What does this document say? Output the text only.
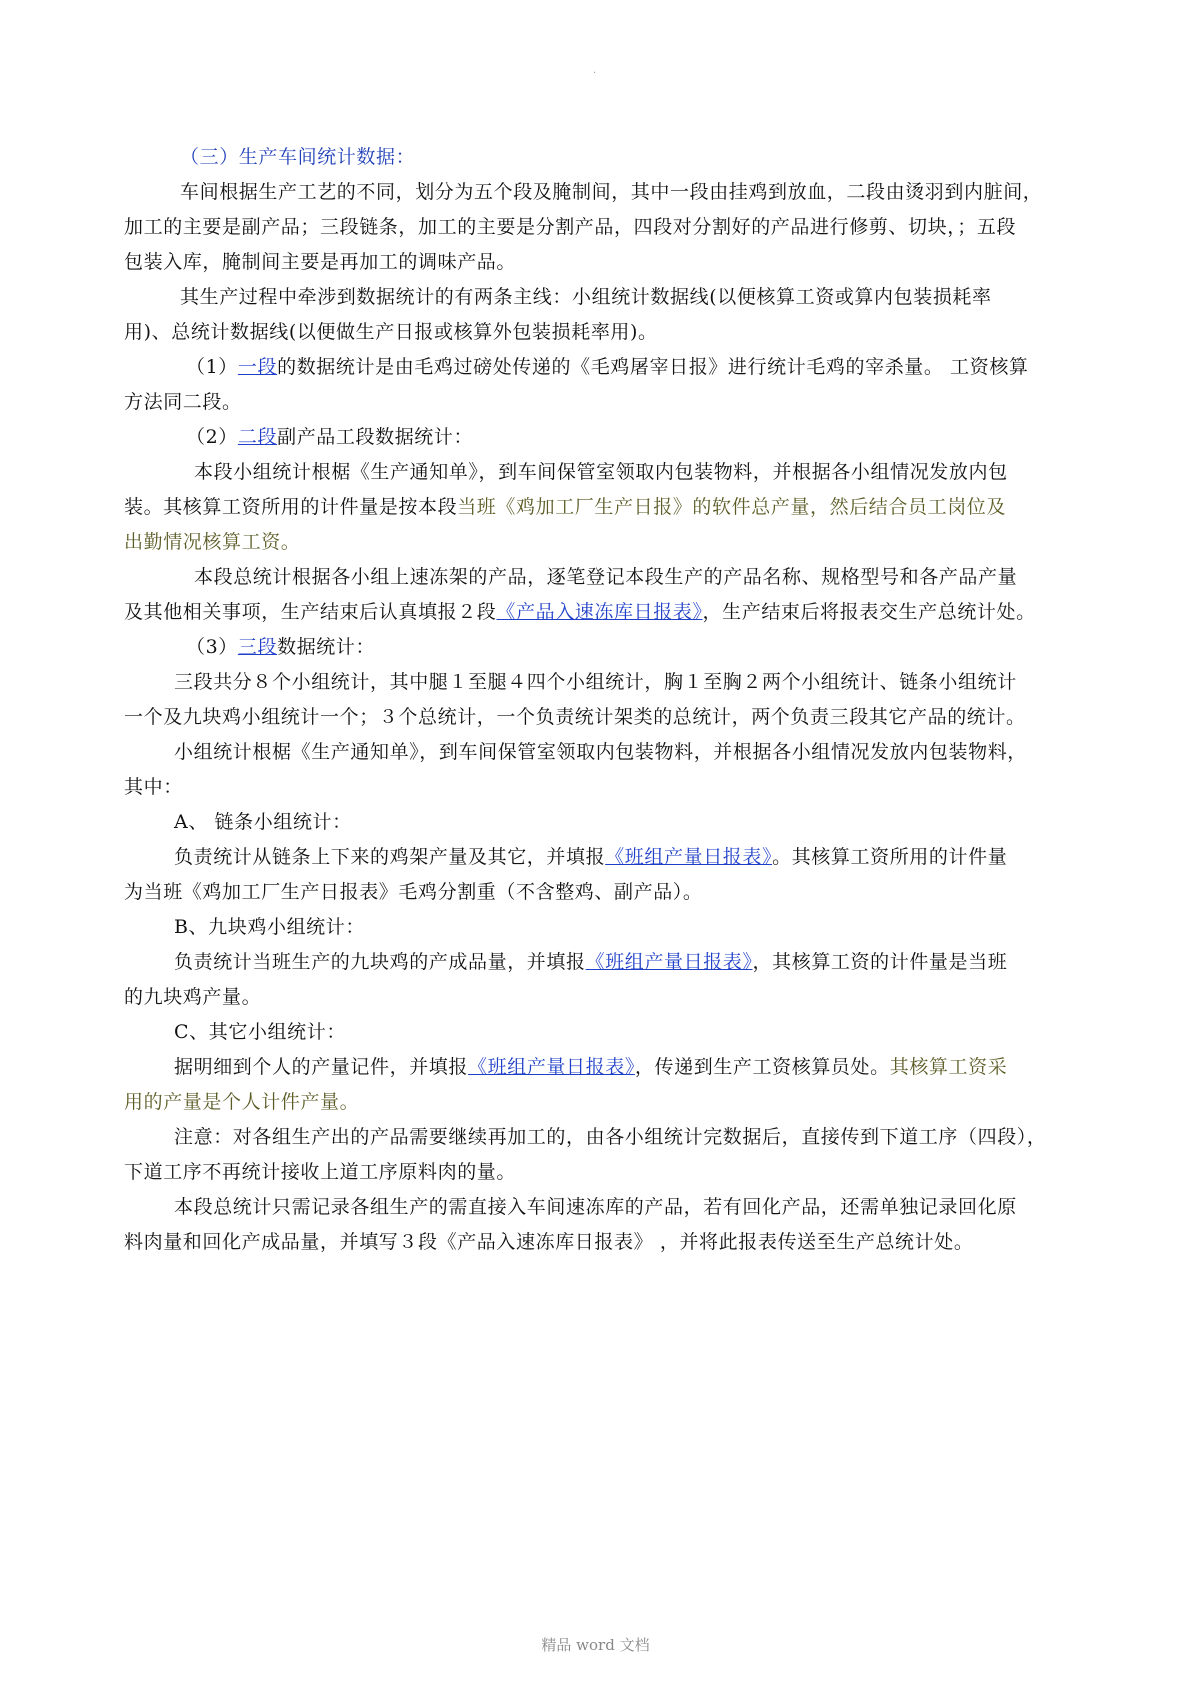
.
（三）生产车间统计数据：
车间根据生产工艺的不同，划分为五个段及腌制间，其中一段由挂鸡到放血，二段由烫羽到内脏间，
加工的主要是副产品；三段链条，加工的主要是分割产品，四段对分割好的产品进行修剪、切块，；五段
包装入库，腌制间主要是再加工的调味产品。
其生产过程中牵涉到数据统计的有两条主线：小组统计数据线(以便核算工资或算内包装损耗率
用)、总统计数据线(以便做生产日报或核算外包装损耗率用)。
（1）一段的数据统计是由毛鸡过磅处传递的《毛鸡屠宰日报》进行统计毛鸡的宰杀量。 工资核算
方法同二段。
（2）二段副产品工段数据统计：
本段小组统计根椐《生产通知单》，到车间保管室领取内包装物料，并根据各小组情况发放内包
装。其核算工资所用的计件量是按本段当班《鸡加工厂生产日报》的软件总产量，然后结合员工岗位及
出勤情况核算工资。
本段总统计根据各小组上速冻架的产品，逐笔登记本段生产的产品名称、规格型号和各产品产量
及其他相关事项，生产结束后认真填报２段《产品入速冻库日报表》，生产结束后将报表交生产总统计处。
（3）三段数据统计：
三段共分８个小组统计，其中腿１至腿４四个小组统计，胸１至胸２两个小组统计、链条小组统计
一个及九块鸡小组统计一个；３个总统计，一个负责统计架类的总统计，两个负责三段其它产品的统计。
小组统计根椐《生产通知单》，到车间保管室领取内包装物料，并根据各小组情况发放内包装物料，
其中：
A、 链条小组统计：
负责统计从链条上下来的鸡架产量及其它，并填报《班组产量日报表》。其核算工资所用的计件量
为当班《鸡加工厂生产日报表》毛鸡分割重（不含整鸡、副产品）。
B、九块鸡小组统计：
负责统计当班生产的九块鸡的产成品量，并填报《班组产量日报表》，其核算工资的计件量是当班
的九块鸡产量。
C、其它小组统计：
据明细到个人的产量记件，并填报《班组产量日报表》，传递到生产工资核算员处。其核算工资采
用的产量是个人计件产量。
注意：对各组生产出的产品需要继续再加工的，由各小组统计完数据后，直接传到下道工序（四段），
下道工序不再统计接收上道工序原料肉的量。
本段总统计只需记录各组生产的需直接入车间速冻库的产品，若有回化产品，还需单独记录回化原
料肉量和回化产成品量，并填写３段《产品入速冻库日报表》 ，并将此报表传送至生产总统计处。
精品 word 文档
